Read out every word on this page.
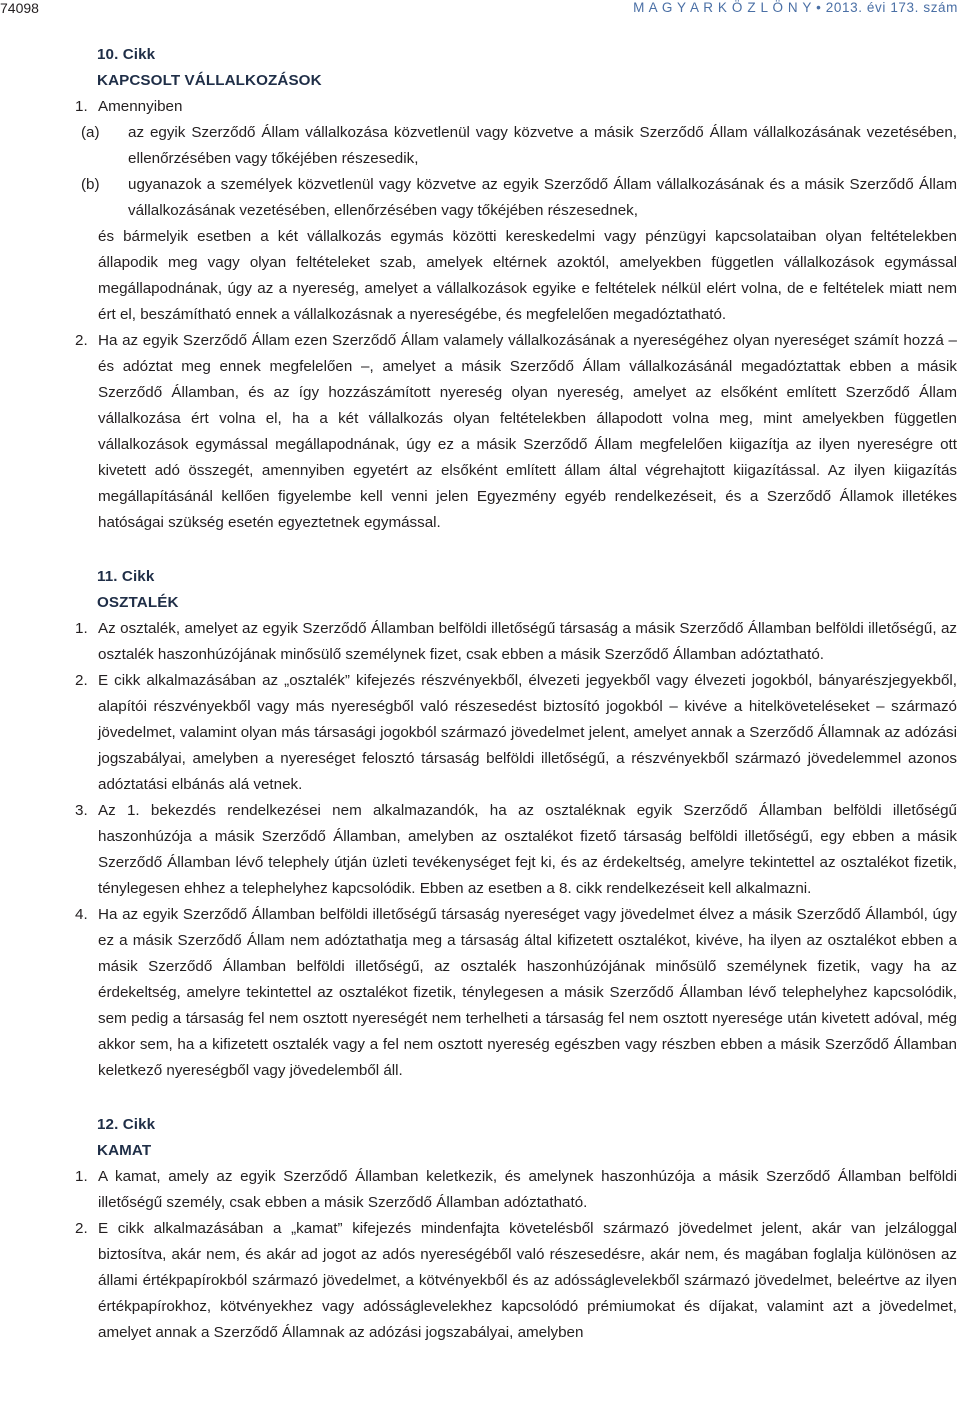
74098	M A G Y A R K Ö Z L Ö N Y • 2013. évi 173. szám
10. Cikk
KAPCSOLT VÁLLALKOZÁSOK
1. Amennyiben
(a)	az egyik Szerződő Állam vállalkozása közvetlenül vagy közvetve a másik Szerződő Állam vállalkozásának vezetésében, ellenőrzésében vagy tőkéjében részesedik,
(b)	ugyanazok a személyek közvetlenül vagy közvetve az egyik Szerződő Állam vállalkozásának és a másik Szerződő Állam vállalkozásának vezetésében, ellenőrzésében vagy tőkéjében részesednek,
és bármelyik esetben a két vállalkozás egymás közötti kereskedelmi vagy pénzügyi kapcsolataiban olyan feltételekben állapodik meg vagy olyan feltételeket szab, amelyek eltérnek azoktól, amelyekben független vállalkozások egymással megállapodnának, úgy az a nyereség, amelyet a vállalkozások egyike e feltételek nélkül elért volna, de e feltételek miatt nem ért el, beszámítható ennek a vállalkozásnak a nyereségébe, és megfelelően megadóztatható.
2. Ha az egyik Szerződő Állam ezen Szerződő Állam valamely vállalkozásának a nyereségéhez olyan nyereséget számít hozzá – és adóztat meg ennek megfelelően –, amelyet a másik Szerződő Állam vállalkozásánál megadóztattak ebben a másik Szerződő Államban, és az így hozzászámított nyereség olyan nyereség, amelyet az elsőként említett Szerződő Állam vállalkozása ért volna el, ha a két vállalkozás olyan feltételekben állapodott volna meg, mint amelyekben független vállalkozások egymással megállapodnának, úgy ez a másik Szerződő Állam megfelelően kiigazítja az ilyen nyereségre ott kivetett adó összegét, amennyiben egyetért az elsőként említett állam által végrehajtott kiigazítással. Az ilyen kiigazítás megállapításánál kellően figyelembe kell venni jelen Egyezmény egyéb rendelkezéseit, és a Szerződő Államok illetékes hatóságai szükség esetén egyeztetnek egymással.
11. Cikk
OSZTALÉK
1. Az osztalék, amelyet az egyik Szerződő Államban belföldi illetőségű társaság a másik Szerződő Államban belföldi illetőségű, az osztalék haszonhúzójának minősülő személynek fizet, csak ebben a másik Szerződő Államban adóztatható.
2. E cikk alkalmazásában az „osztalék” kifejezés részvényekből, élvezeti jegyekből vagy élvezeti jogokból, bányarészjegyekből, alapítói részvényekből vagy más nyereségből való részesedést biztosító jogokból – kivéve a hitelköveteléseket – származó jövedelmet, valamint olyan más társasági jogokból származó jövedelmet jelent, amelyet annak a Szerződő Államnak az adózási jogszabályai, amelyben a nyereséget felosztó társaság belföldi illetőségű, a részvényekből származó jövedelemmel azonos adóztatási elbánás alá vetnek.
3. Az 1. bekezdés rendelkezései nem alkalmazandók, ha az osztaléknak egyik Szerződő Államban belföldi illetőségű haszonhúzója a másik Szerződő Államban, amelyben az osztalékot fizető társaság belföldi illetőségű, egy ebben a másik Szerződő Államban lévő telephely útján üzleti tevékenységet fejt ki, és az érdekeltség, amelyre tekintettel az osztalékot fizetik, ténylegesen ehhez a telephelyhez kapcsolódik. Ebben az esetben a 8. cikk rendelkezéseit kell alkalmazni.
4. Ha az egyik Szerződő Államban belföldi illetőségű társaság nyereséget vagy jövedelmet élvez a másik Szerződő Államból, úgy ez a másik Szerződő Állam nem adóztathatja meg a társaság által kifizetett osztalékot, kivéve, ha ilyen az osztalékot ebben a másik Szerződő Államban belföldi illetőségű, az osztalék haszonhúzójának minősülő személynek fizetik, vagy ha az érdekeltség, amelyre tekintettel az osztalékot fizetik, ténylegesen a másik Szerződő Államban lévő telephelyhez kapcsolódik, sem pedig a társaság fel nem osztott nyereségét nem terhelheti a társaság fel nem osztott nyeresége után kivetett adóval, még akkor sem, ha a kifizetett osztalék vagy a fel nem osztott nyereség egészben vagy részben ebben a másik Szerződő Államban keletkező nyereségből vagy jövedelemből áll.
12. Cikk
KAMAT
1. A kamat, amely az egyik Szerződő Államban keletkezik, és amelynek haszonhúzója a másik Szerződő Államban belföldi illetőségű személy, csak ebben a másik Szerződő Államban adóztatható.
2. E cikk alkalmazásában a „kamat” kifejezés mindenfajta követelésből származó jövedelmet jelent, akár van jelzáloggal biztosítva, akár nem, és akár ad jogot az adós nyereségéből való részesedésre, akár nem, és magában foglalja különösen az állami értékpapírokból származó jövedelmet, a kötvényekből és az adósságlevelekből származó jövedelmet, beleértve az ilyen értékpapírokhoz, kötvényekhez vagy adósságlevelekhez kapcsolódó prémiumokat és díjakat, valamint azt a jövedelmet, amelyet annak a Szerződő Államnak az adózási jogszabályai, amelyben
